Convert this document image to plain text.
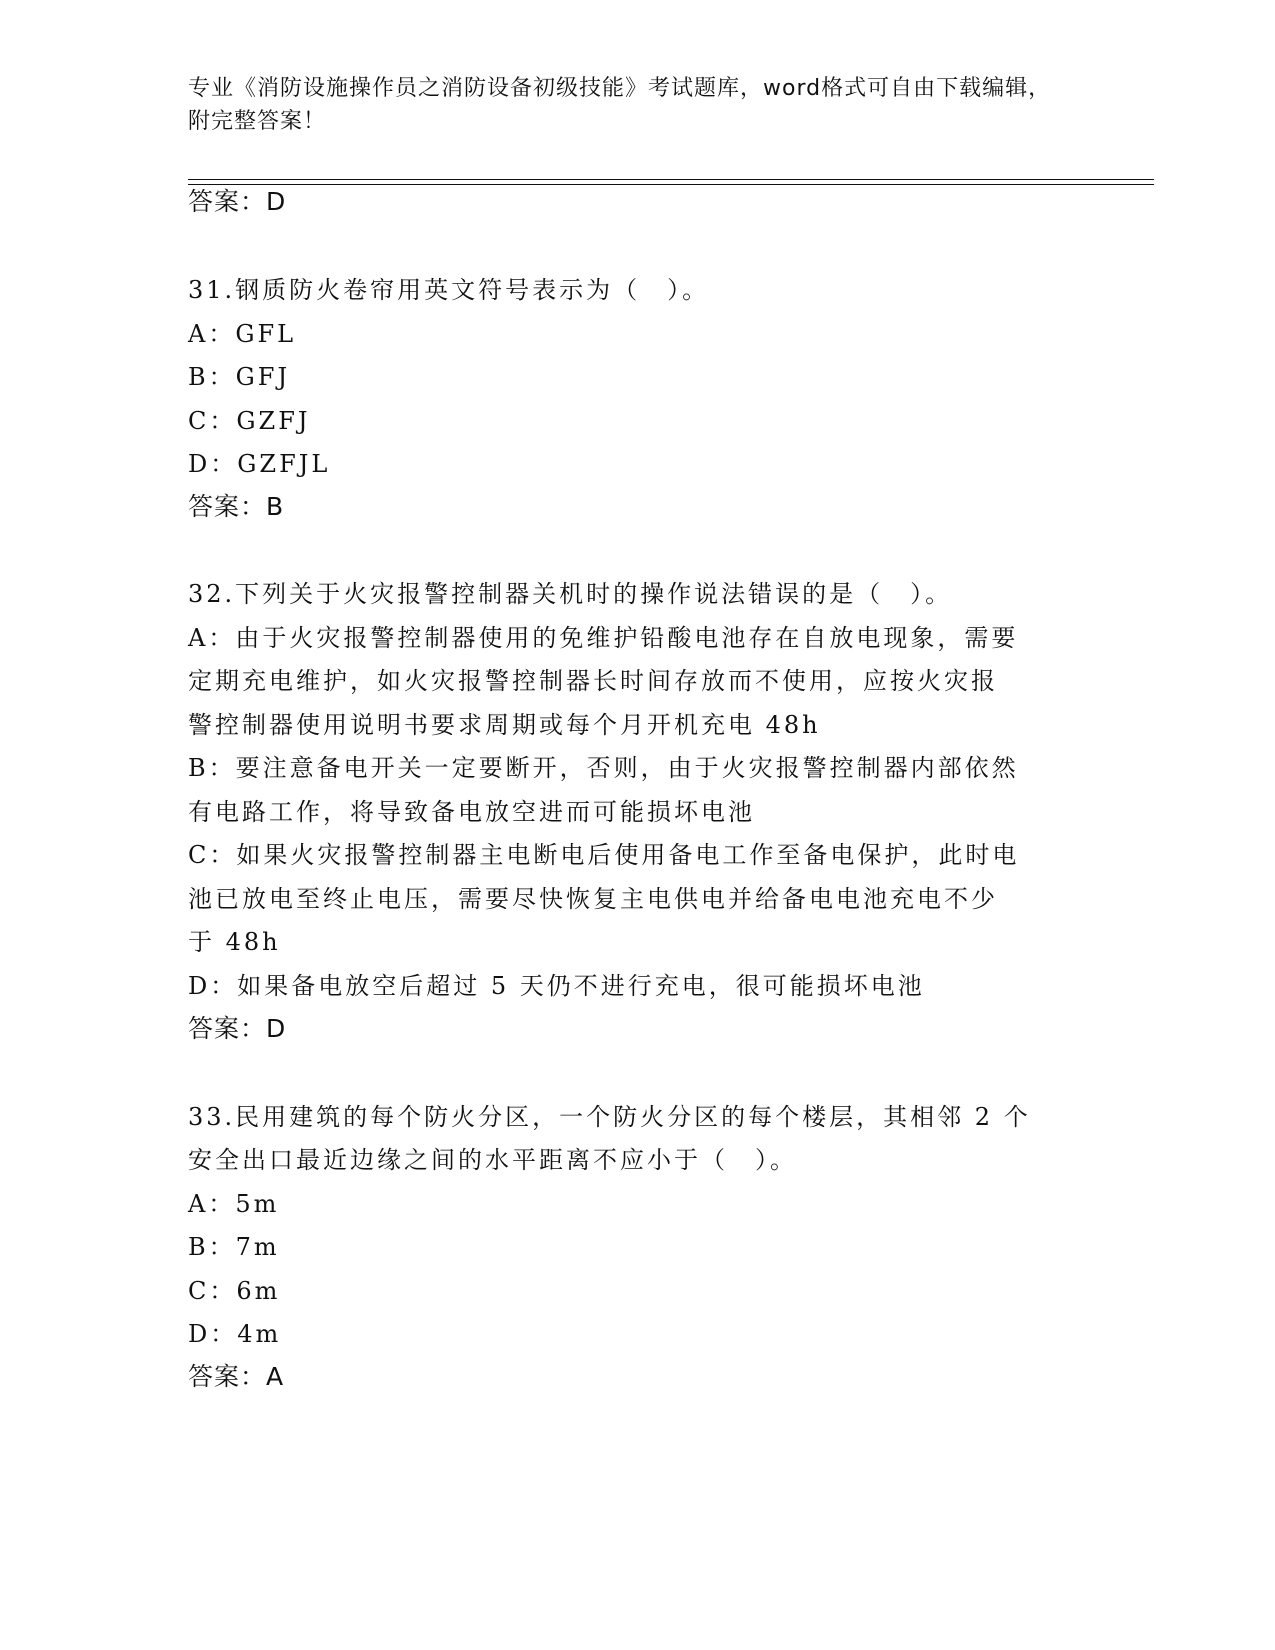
专业《消防设施操作员之消防设备初级技能》考试题库，word格式可自由下载编辑，附完整答案！

答案：D
31.钢质防火卷帘用英文符号表示为（　）。
A：GFL
B：GFJ
C：GZFJ
D：GZFJL
答案：B
32.下列关于火灾报警控制器关机时的操作说法错误的是（　）。
A：由于火灾报警控制器使用的免维护铅酸电池存在自放电现象，需要
定期充电维护，如火灾报警控制器长时间存放而不使用，应按火灾报
警控制器使用说明书要求周期或每个月开机充电 48h
B：要注意备电开关一定要断开，否则，由于火灾报警控制器内部依然
有电路工作，将导致备电放空进而可能损坏电池
C：如果火灾报警控制器主电断电后使用备电工作至备电保护，此时电
池已放电至终止电压，需要尽快恢复主电供电并给备电电池充电不少
于 48h
D：如果备电放空后超过 5 天仍不进行充电，很可能损坏电池
答案：D
33.民用建筑的每个防火分区，一个防火分区的每个楼层，其相邻 2 个
安全出口最近边缘之间的水平距离不应小于（　）。
A：5m
B：7m
C：6m
D：4m
答案：A
